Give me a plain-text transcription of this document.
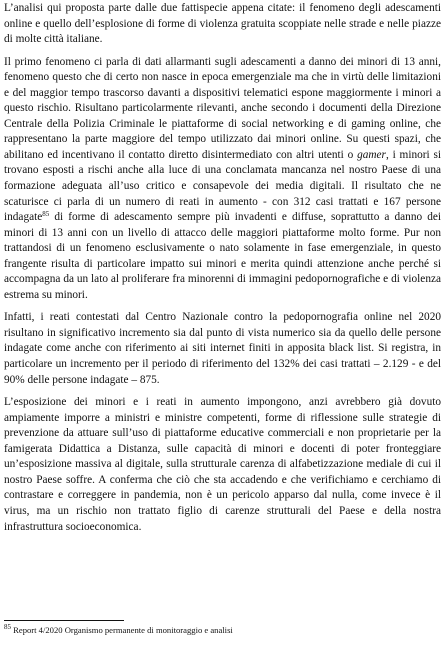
L’analisi qui proposta parte dalle due fattispecie appena citate: il fenomeno degli adescamenti online e quello dell’esplosione di forme di violenza gratuita scoppiate nelle strade e nelle piazze di molte città italiane.

Il primo fenomeno ci parla di dati allarmanti sugli adescamenti a danno dei minori di 13 anni, fenomeno questo che di certo non nasce in epoca emergenziale ma che in virtù delle limitazioni e del maggior tempo trascorso davanti a dispositivi telematici espone maggiormente i minori a questo rischio. Risultano particolarmente rilevanti, anche secondo i documenti della Direzione Centrale della Polizia Criminale le piattaforme di social networking e di gaming online, che rappresentano la parte maggiore del tempo utilizzato dai minori online. Su questi spazi, che abilitano ed incentivano il contatto diretto disintermediato con altri utenti o gamer, i minori si trovano esposti a rischi anche alla luce di una conclamata mancanza nel nostro Paese di una formazione adeguata all’uso critico e consapevole dei media digitali. Il risultato che ne scaturisce ci parla di un numero di reati in aumento - con 312 casi trattati e 167 persone indagate$^{85}$ di forme di adescamento sempre più invadenti e diffuse, soprattutto a danno dei minori di 13 anni con un livello di attacco delle maggiori piattaforme molto forme. Pur non trattandosi di un fenomeno esclusivamente o nato solamente in fase emergenziale, in questo frangente risulta di particolare impatto sui minori e merita quindi attenzione anche perché si accompagna da un lato al proliferare fra minorenni di immagini pedopornografiche e di violenza estrema su minori.

Infatti, i reati contestati dal Centro Nazionale contro la pedopornografia online nel 2020 risultano in significativo incremento sia dal punto di vista numerico sia da quello delle persone indagate come anche con riferimento ai siti internet finiti in apposita black list. Si registra, in particolare un incremento per il periodo di riferimento del 132% dei casi trattati – 2.129 - e del 90% delle persone indagate – 875.

L’esposizione dei minori e i reati in aumento impongono, anzi avrebbero già dovuto ampiamente imporre a ministri e ministre competenti, forme di riflessione sulle strategie di prevenzione da attuare sull’uso di piattaforme educative commerciali e non proprietarie per la famigerata Didattica a Distanza, sulle capacità di minori e docenti di poter fronteggiare un’esposizione massiva al digitale, sulla strutturale carenza di alfabetizzazione mediale di cui il nostro Paese soffre. A conferma che ciò che sta accadendo e che verifichiamo e cerchiamo di contrastare e correggere in pandemia, non è un pericolo apparso dal nulla, come invece è il virus, ma un rischio non trattato figlio di carenze strutturali del Paese e della nostra infrastruttura socioeconomica.

$^{85}$ Report 4/2020 Organismo permanente di monitoraggio e analisi
